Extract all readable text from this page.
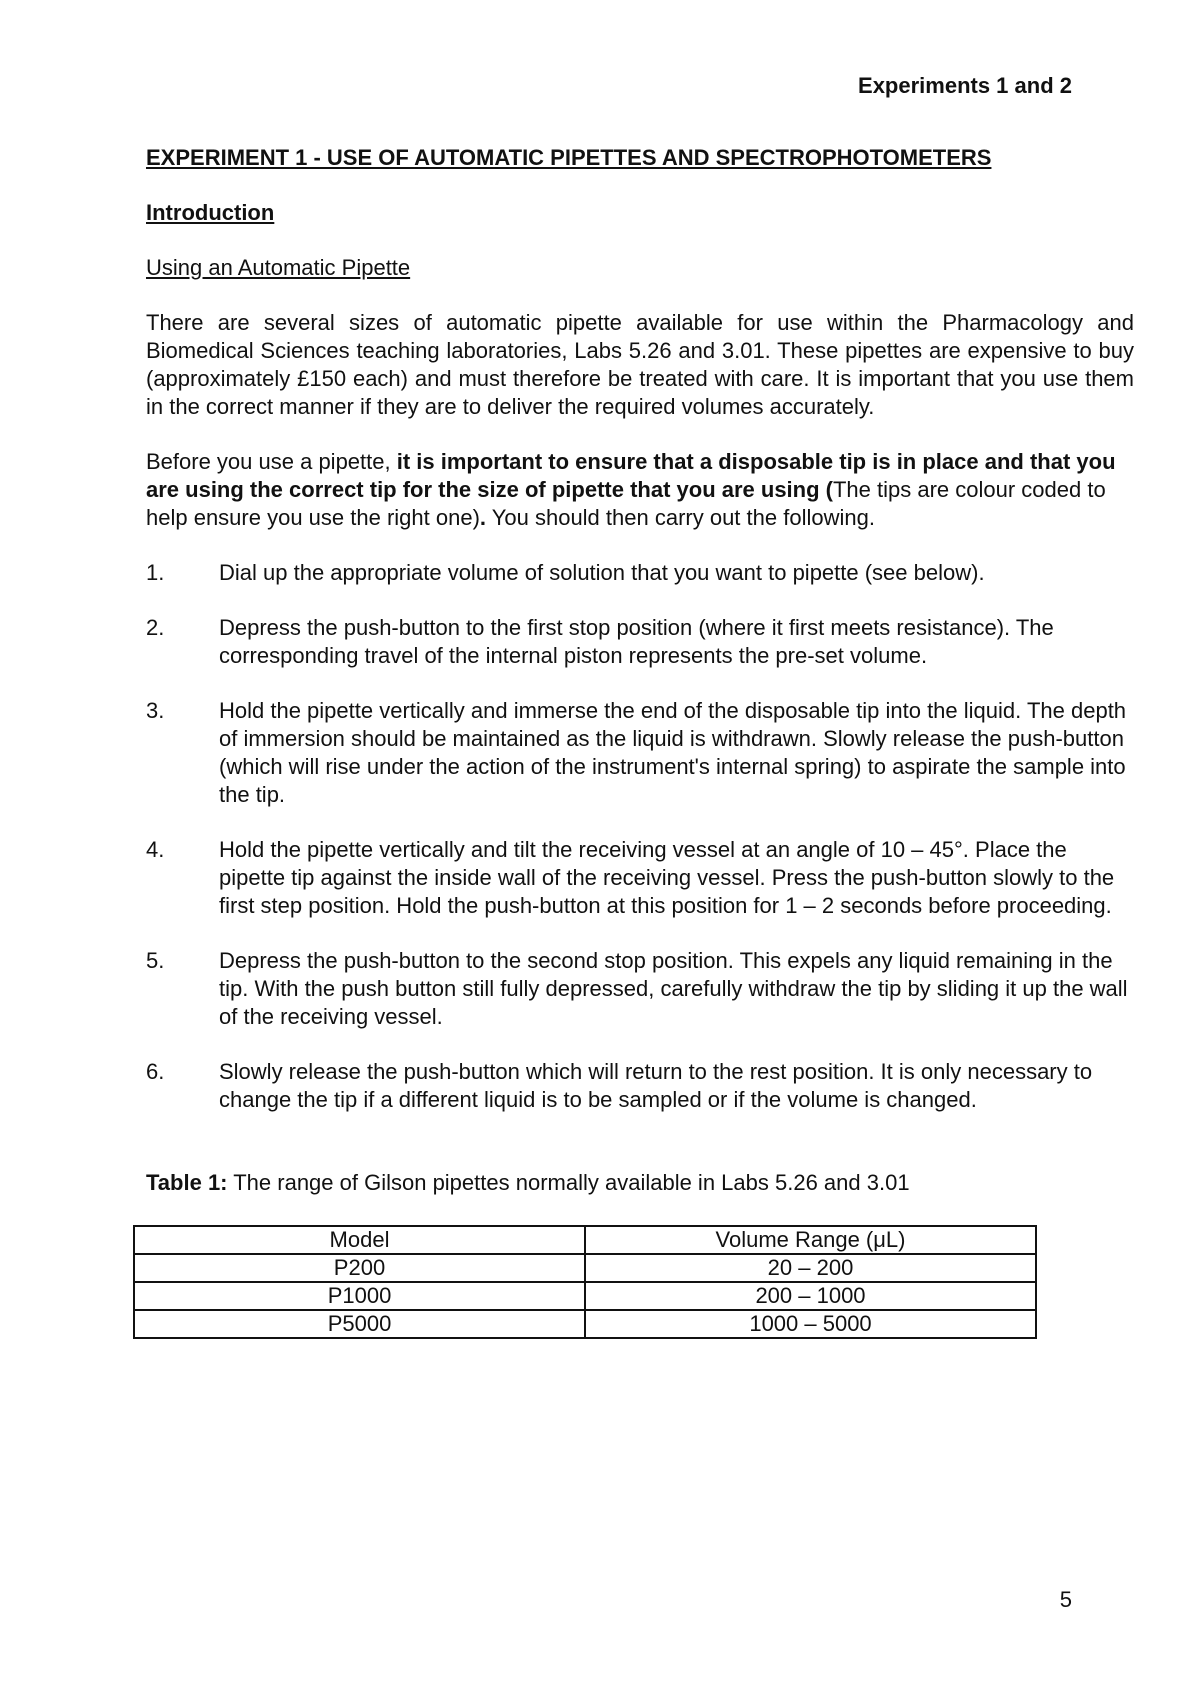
Experiments 1 and 2
EXPERIMENT 1 - USE OF AUTOMATIC PIPETTES AND SPECTROPHOTOMETERS
Introduction
Using an Automatic Pipette

There are several sizes of automatic pipette available for use within the Pharmacology and Biomedical Sciences teaching laboratories, Labs 5.26 and 3.01. These pipettes are expensive to buy (approximately £150 each) and must therefore be treated with care. It is important that you use them in the correct manner if they are to deliver the required volumes accurately.

Before you use a pipette, it is important to ensure that a disposable tip is in place and that you are using the correct tip for the size of pipette that you are using (The tips are colour coded to help ensure you use the right one). You should then carry out the following.

1. Dial up the appropriate volume of solution that you want to pipette (see below).
2. Depress the push-button to the first stop position (where it first meets resistance). The corresponding travel of the internal piston represents the pre-set volume.
3. Hold the pipette vertically and immerse the end of the disposable tip into the liquid. The depth of immersion should be maintained as the liquid is withdrawn. Slowly release the push-button (which will rise under the action of the instrument's internal spring) to aspirate the sample into the tip.
4. Hold the pipette vertically and tilt the receiving vessel at an angle of 10 – 45°. Place the pipette tip against the inside wall of the receiving vessel. Press the push-button slowly to the first step position. Hold the push-button at this position for 1 – 2 seconds before proceeding.
5. Depress the push-button to the second stop position. This expels any liquid remaining in the tip. With the push button still fully depressed, carefully withdraw the tip by sliding it up the wall of the receiving vessel.
6. Slowly release the push-button which will return to the rest position. It is only necessary to change the tip if a different liquid is to be sampled or if the volume is changed.
Table 1: The range of Gilson pipettes normally available in Labs 5.26 and 3.01
Model	Volume Range (μL)
P200	20 – 200
P1000	200 – 1000
P5000	1000 – 5000
5
